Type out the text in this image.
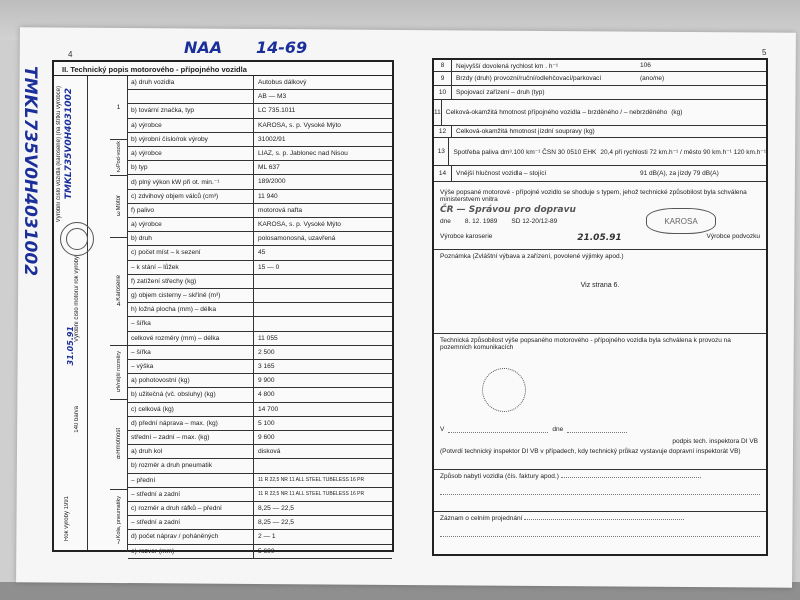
4	5
NAA 14-69
TMKL735V0H4031002	II. Technický popis motorového - přípojného vozidla
Výrobní číslo vozidla (karoserie) (na štítku výrobce) TMKL735V0H4031002
Výrobní číslo motoru/ rok výroby
31.05.91
140 barva
Rok výroby 1991
1
Pod-vozek
2
Motor
3
Karoserie
4
Vnější rozměry
5
Hmotnost
6
Kola, pneumatiky
7
a) druh vozidla	Autobus dálkový
AB — M3
b) tovární značka, typ	LC 735.1011
a) výrobce	KAROSA, s. p. Vysoké Mýto
b) výrobní číslo/rok výroby	31002/91
a) výrobce	LIAZ, s. p. Jablonec nad Nisou
b) typ	ML 637
d) plný výkon kW při ot. min.⁻¹	189/2000
c) zdvihový objem válců (cm³)	11 940
f) palivo	motorová nafta
a) výrobce	KAROSA, s. p. Vysoké Mýto
b) druh	polosamonosná, uzavřená
c) počet míst – k sezení	45
– k stání – lůžek	15 — 0
f) zatížení střechy (kg)
g) objem cisterny – skříně (m³)
h) ložná plocha (mm) – délka
– šířka
celkové rozměry (mm) – délka	11 055
– šířka	2 500
– výška	3 165
a) pohotovostní (kg)	9 900
b) užitečná (vč. obsluhy) (kg)	4 800
c) celková (kg)	14 700
d) přední náprava – max. (kg)	5 100
střední – zadní – max. (kg)	9 600
a) druh kol	disková
b) rozměr a druh pneumatik
– přední	11 R 22,5 NR 11 ALL STEEL TUBELESS 16 PR
– střední a zadní	11 R 22,5 NR 11 ALL STEEL TUBELESS 16 PR
c) rozměr a druh ráfků – přední	8,25 — 22,5
– střední a zadní	8,25 — 22,5
d) počet náprav / poháněných	2 — 1
e) rozvor (mm)	5 600
8	Nejvyšší dovolená rychlost km . h⁻¹	106
9	Brzdy (druh) provozní/ruční/odlehčovací/parkovací	(ano/ne)
10	Spojovací zařízení – druh (typ)
11 Celková-okamžitá hmotnost přípojného vozidla – brzděného / – nebrzděného (kg)
12	Celková-okamžitá hmotnost jízdní soupravy (kg)
13	Spotřeba paliva dm³.100 km⁻¹ ČSN 30 0510 EHK 20,4 při rychlosti 72 km.h⁻¹ / město 90 km.h⁻¹ 120 km.h⁻¹
14	Vnější hlučnost vozidla – stojící	91 dB(A), za jízdy 79 dB(A)
Výše popsané motorové - přípojné vozidlo se shoduje s typem, jehož technické způsobilost byla schválena ministerstvem vnitra
ČR — Správou pro dopravu
dne 8. 12. 1989 SD 12-20/12-89
Výrobce karoserie	21.05.91	Výrobce podvozku
KAROSA
Poznámka (Zvláštní výbava a zařízení, povolené výjimky apod.)
Viz strana 6.
Technická způsobilost výše popsaného motorového - přípojného vozidla byla schválena k provozu na pozemních komunikacích
V	dne
podpis tech. inspektora DI VB
(Potvrdí technický inspektor DI VB v případech, kdy technický průkaz vystavuje dopravní inspektorát VB)
Způsob nabytí vozidla (čís. faktury apod.)
Záznam o celním projednání
